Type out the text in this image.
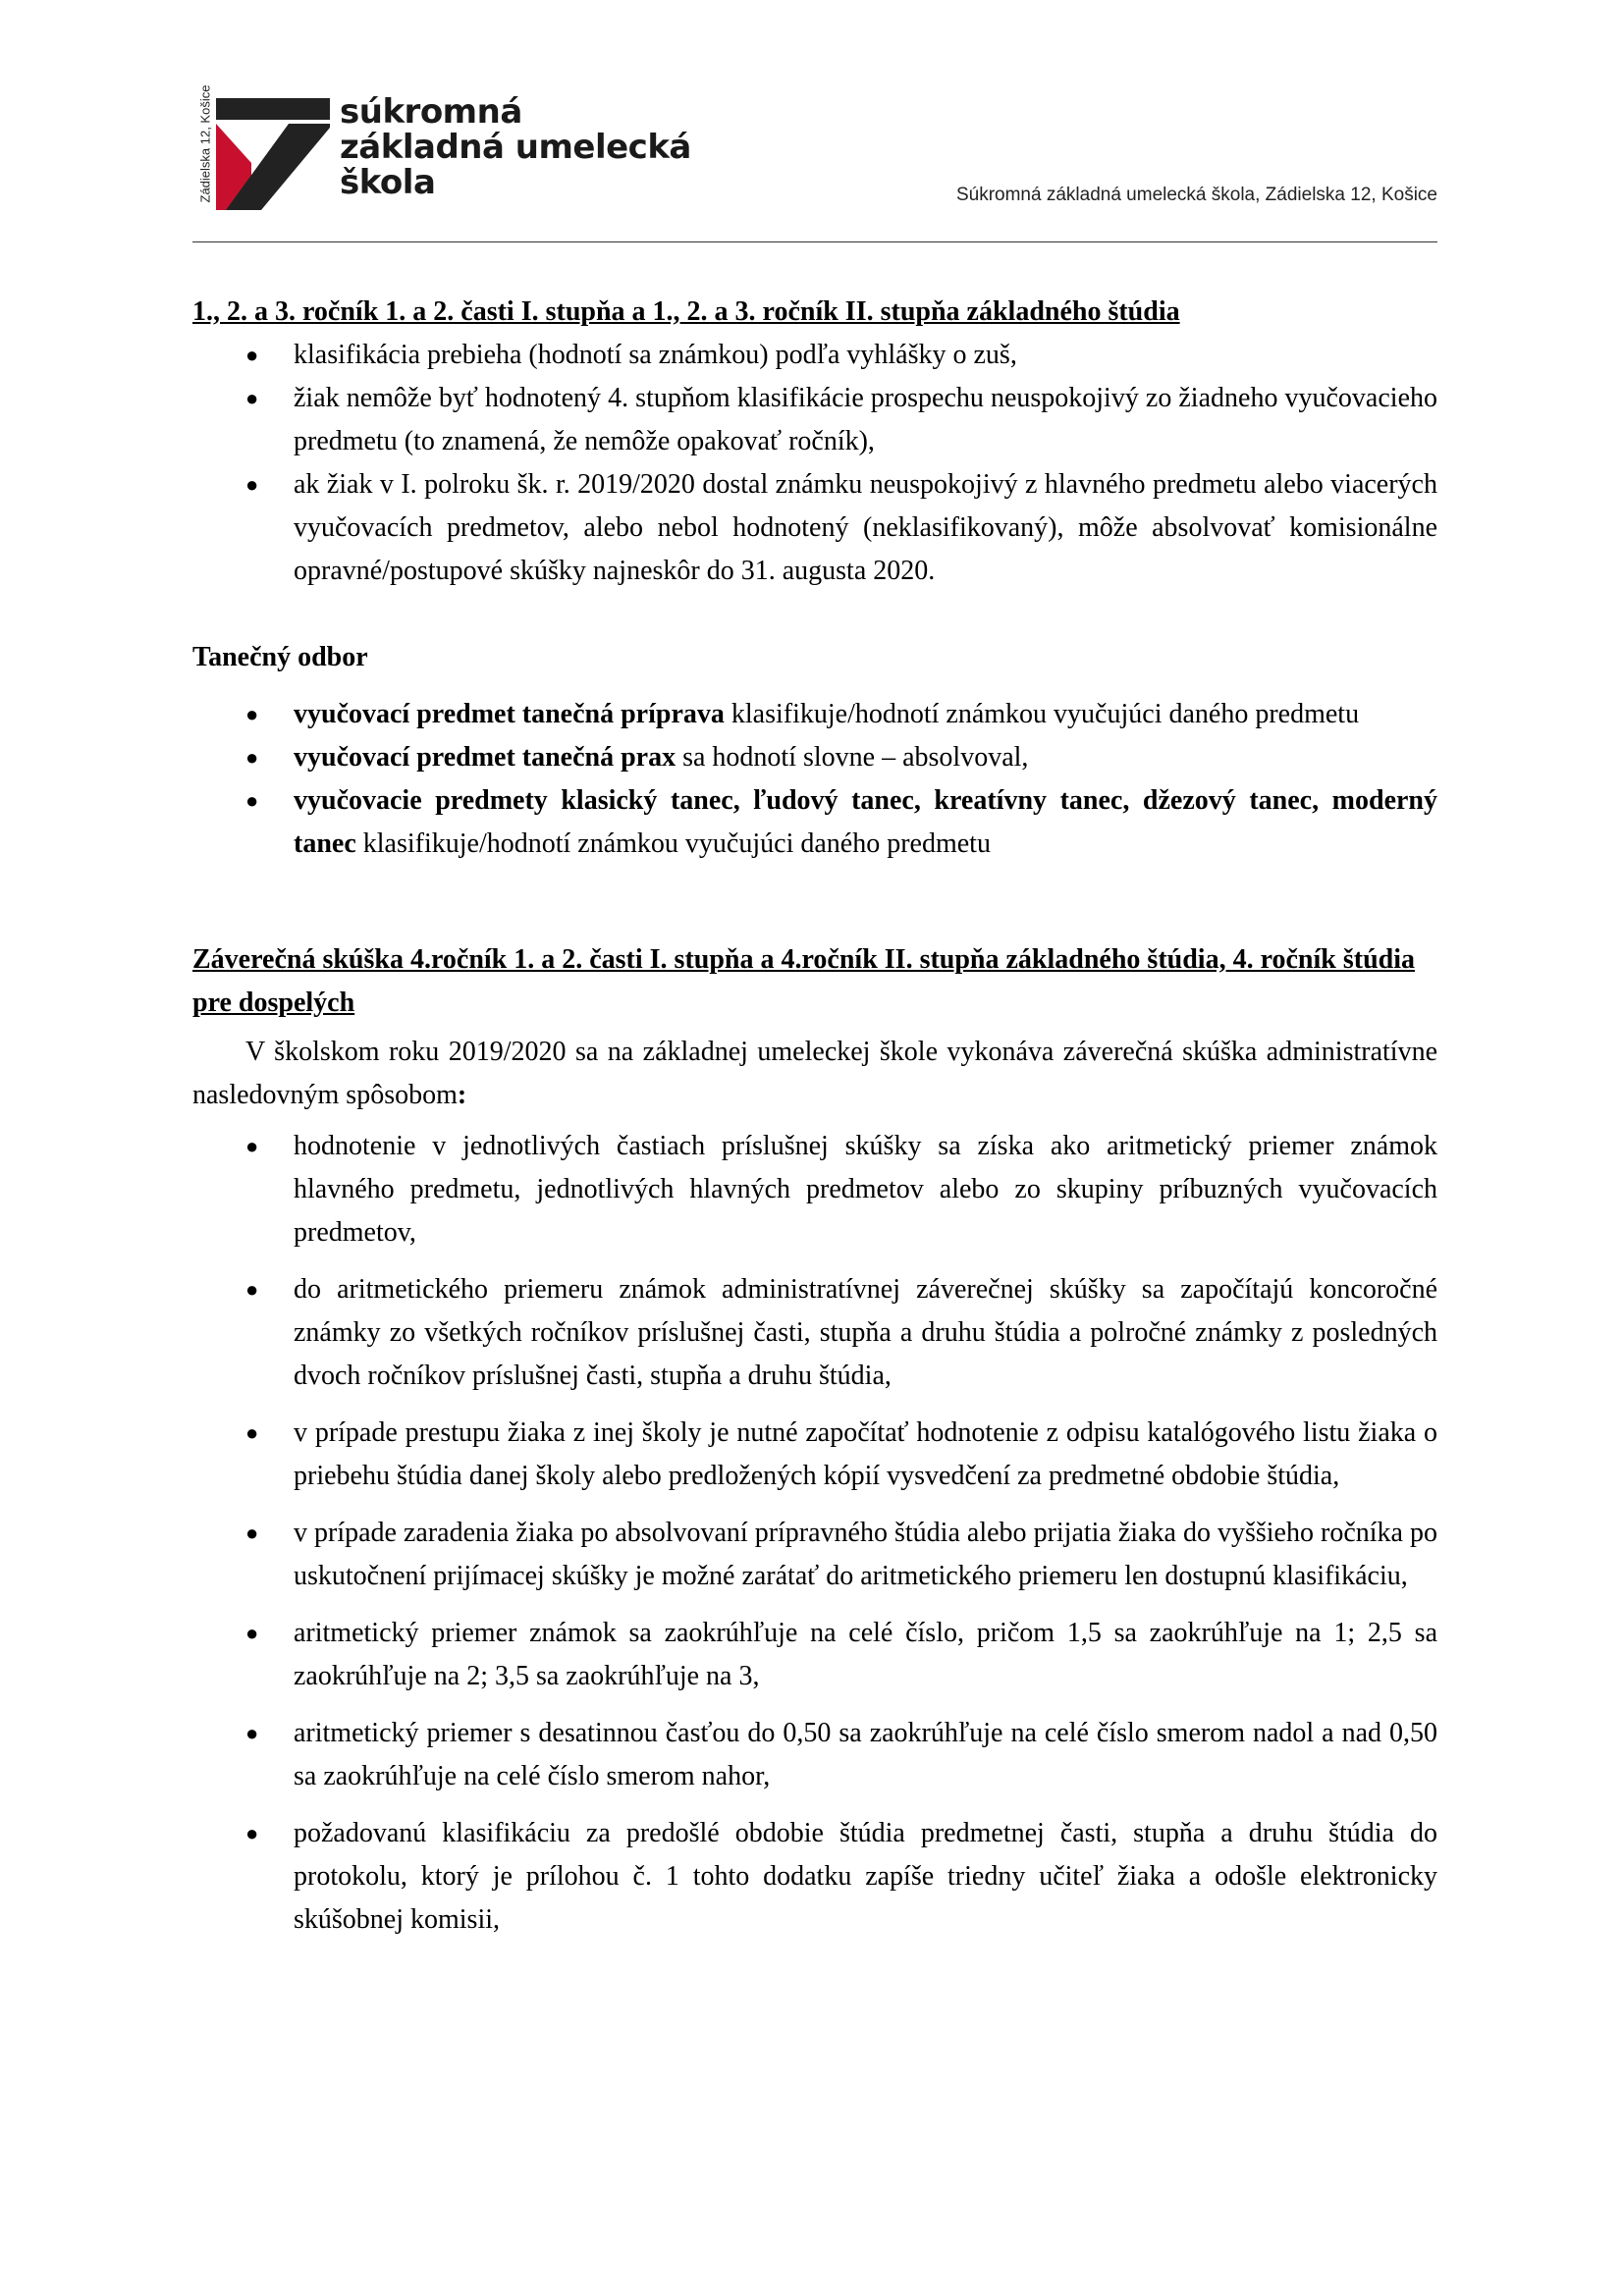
Zádielska 12, Košice	súkromná
základná umelecká
škola	Súkromná základná umelecká škola, Zádielska 12, Košice

1., 2. a 3. ročník 1. a 2. časti I. stupňa a 1., 2. a 3. ročník II. stupňa základného štúdia

● klasifikácia prebieha (hodnotí sa známkou) podľa vyhlášky o zuš,
● žiak nemôže byť hodnotený 4. stupňom klasifikácie prospechu neuspokojivý zo žiadneho vyučovacieho predmetu (to znamená, že nemôže opakovať ročník),
● ak žiak v I. polroku šk. r. 2019/2020 dostal známku neuspokojivý z hlavného predmetu alebo viacerých vyučovacích predmetov, alebo nebol hodnotený (neklasifikovaný), môže absolvovať komisionálne opravné/postupové skúšky najneskôr do 31. augusta 2020.

Tanečný odbor

● vyučovací predmet tanečná príprava klasifikuje/hodnotí známkou vyučujúci daného predmetu
● vyučovací predmet tanečná prax sa hodnotí slovne – absolvoval,
● vyučovacie predmety klasický tanec, ľudový tanec, kreatívny tanec, džezový tanec, moderný tanec klasifikuje/hodnotí známkou vyučujúci daného predmetu

Záverečná skúška 4.ročník 1. a 2. časti I. stupňa a 4.ročník II. stupňa základného štúdia, 4. ročník štúdia pre dospelých

V školskom roku 2019/2020 sa na základnej umeleckej škole vykonáva záverečná skúška administratívne nasledovným spôsobom:

● hodnotenie v jednotlivých častiach príslušnej skúšky sa získa ako aritmetický priemer známok hlavného predmetu, jednotlivých hlavných predmetov alebo zo skupiny príbuzných vyučovacích predmetov,
● do aritmetického priemeru známok administratívnej záverečnej skúšky sa započítajú koncoročné známky zo všetkých ročníkov príslušnej časti, stupňa a druhu štúdia a polročné známky z posledných dvoch ročníkov príslušnej časti, stupňa a druhu štúdia,
● v prípade prestupu žiaka z inej školy je nutné započítať hodnotenie z odpisu katalógového listu žiaka o priebehu štúdia danej školy alebo predložených kópií vysvedčení za predmetné obdobie štúdia,
● v prípade zaradenia žiaka po absolvovaní prípravného štúdia alebo prijatia žiaka do vyššieho ročníka po uskutočnení prijímacej skúšky je možné zarátať do aritmetického priemeru len dostupnú klasifikáciu,
● aritmetický priemer známok sa zaokrúhľuje na celé číslo, pričom 1,5 sa zaokrúhľuje na 1; 2,5 sa zaokrúhľuje na 2; 3,5 sa zaokrúhľuje na 3,
● aritmetický priemer s desatinnou časťou do 0,50 sa zaokrúhľuje na celé číslo smerom nadol a nad 0,50 sa zaokrúhľuje na celé číslo smerom nahor,
● požadovanú klasifikáciu za predošlé obdobie štúdia predmetnej časti, stupňa a druhu štúdia do protokolu, ktorý je prílohou č. 1 tohto dodatku zapíše triedny učiteľ žiaka a odošle elektronicky skúšobnej komisii,
